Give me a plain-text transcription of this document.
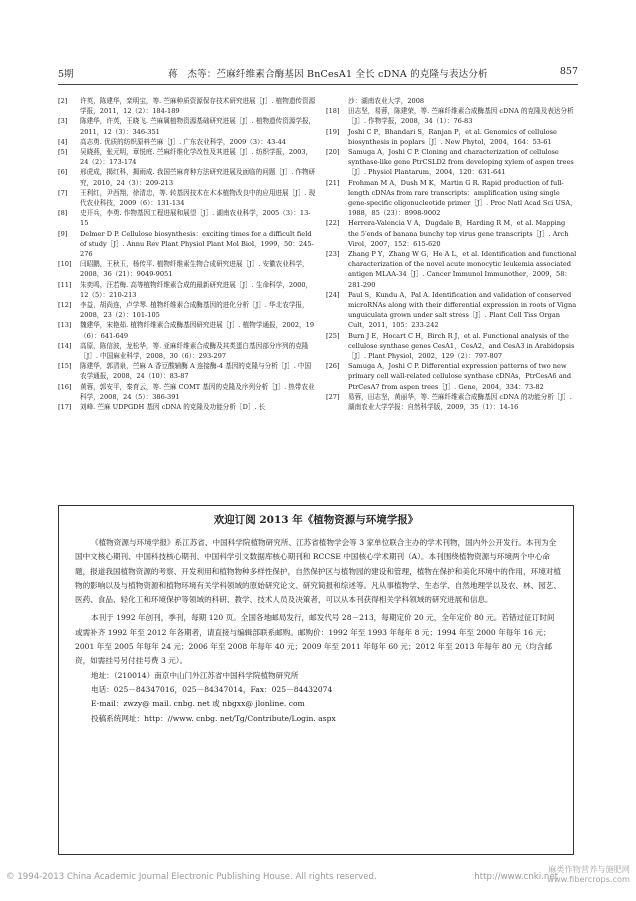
5期	蒋　杰等：苎麻纤维素合酶基因 BnCesA1 全长 cDNA 的克隆与表达分析	857
[2] 许英，陈建华，栾明宝，等. 苎麻种质资源保存技术研究进展［J］. 植物遗传资源学报，2011，12（2）：184-189
[3] 陈建华，许英，王晓飞. 苎麻属植物资源基础研究进展［J］. 植物遗传资源学报，2011，12（3）：346-351
[4] 高志勇. 优质的纺织原料苎麻［J］. 广东农业科学，2009（3）：43-44
[5] 吴晓燕，张元明，章悦庭. 苎麻纤维化学改性及其进展［J］. 纺织学报，2003，24（2）：173-174
[6] 邢虎成，揭红科，揭雨成. 我国苎麻育种方法研究进展及面临的问题［J］. 作物研究，2010，24（3）：209-213
[7] 王利红，尹西翔，徐清忠，等. 转基因技术在木本植物改良中的应用进展［J］. 现代农业科技，2009（6）：131-134
[8] 史开兵，李勇. 作物基因工程进展和展望［J］. 湖南农业科学，2005（3）：13-15
[9] Delmer D P. Cellulose biosynthesis：exciting times for a difficult field of study［J］. Annu Rev Plant Physiol Plant Mol Biol，1999，50：245-276
[10] 闫昭鹏，王秋玉，杨传平. 植物纤维素生物合成研究进展［J］. 安徽农业科学，2008，36（21）：9049-9051
[11] 朱奕鸣，汪若梅. 高等植物纤维素合成的最新研究进展［J］. 生命科学，2000，12（5）：210-213
[12] 李益，胡尚连，卢学琴. 植物纤维素合成酶基因的进化分析［J］. 华北农学报，2008，23（2）：101-105
[13] 魏建华，宋艳茹. 植物纤维素合成酶基因研究进展［J］. 植物学通报，2002，19（6）：641-649
[14] 高原，陈信波，龙松华，等. 亚麻纤维素合成酶及其类蛋白基因部分序列的克隆［J］. 中国麻业科学，2008，30（6）：293-297
[15] 陈建华，郭清泉，苎麻 A 香豆酸辅酶 A 连接酶-4 基因的克隆与分析［J］. 中国农学通报，2008，24（10）：83-87
[16] 黄蓉，郭安平，秦育云，等. 苎麻 COMT 基因的克隆及序列分析［J］. 热带农业科学，2008，24（5）：386-391
[17] 刘峰. 苎麻 UDPGDH 基因 cDNA 的克隆及功能分析［D］. 长
沙：湖南农业大学，2008
[18] 田志坚，易蓉，陈建荣，等. 苎麻纤维素合成酶基因 cDNA 的克隆及表达分析［J］. 作物学报，2008，34（1）：76-83
[19] Joshi C P，Bhandari S，Ranjan P，et al. Genomics of cellulose biosynthesis in poplars［J］. New Phytol，2004，164：53-61
[20] Samuga A，Joshi C P. Cloning and characterization of cellulose synthase-like gene PtrCSLD2 from developing xylem of aspen trees［J］. Physiol Plantarum，2004，120：631-641
[21] Frohman M A，Dush M K，Martin G R. Rapid production of full-length cDNAs from rare transcripts：amplification using single gene-specific oligonucleotide primer［J］. Proc Natl Acad Sci USA，1988，85（23）：8998-9002
[22] Herrera-Valencia V A，Dugdale B，Harding R M，et al. Mapping the 5′ends of banana bunchy top virus gene transcripts［J］. Arch Virol，2007，152：615-620
[23] Zhang P Y，Zhang W G，He A L，et al. Identification and functional characterization of the novel acute monocytic leukemia associated antigen MLAA-34［J］. Cancer Immunol Immunother，2009，58：281-290
[24] Paul S，Kundu A，Pal A. Identification and validation of conserved microRNAs along with their differential expression in roots of Vigna unguiculata grown under salt stress［J］. Plant Cell Tiss Organ Cult，2011，105：233-242
[25] Burn J E，Hocart C H，Birch R J，et al. Functional analysis of the cellulose synthase genes CesA1，CesA2，and CesA3 in Arabidopsis［J］. Plant Physiol，2002，129（2）：797-807
[26] Samuga A，Joshi C P. Differential expression patterns of two new primary cell wall-related cellulose synthase cDNAs，PtrCesA6 and PtrCesA7 from aspen trees［J］. Gene，2004，334：73-82
[27] 易蓉，田志坚，黄丽华，等. 苎麻纤维素合成酶基因 cDNA 的功能分析［J］. 湖南农业大学学报：自然科学版，2009，35（1）：14-16
欢迎订阅 2013 年《植物资源与环境学报》

《植物资源与环境学报》系江苏省、中国科学院植物研究所、江苏省植物学会等 3 家单位联合主办的学术刊物，国内外公开发行。本刊为全国中文核心期刊、中国科技核心期刊、中国科学引文数据库核心期刊和 RCCSE 中国核心学术期刊（A）。本刊围绕植物资源与环境两个中心命题，报道我国植物资源的考察、开发利用和植物物种多样性保护，自然保护区与植物园的建设和管理，植物在保护和美化环境中的作用，环境对植物的影响以及与植物资源和植物环境有关学科领域的原始研究论文、研究简报和综述等。凡从事植物学、生态学、自然地理学以及农、林、园艺、医药、食品、轻化工和环境保护等领域的科研、教学、技术人员及决策者，可以从本刊获得相关学科领域的研究进展和信息。

本刊于 1992 年创刊，季刊，每期 120 页。全国各地邮局发行，邮发代号 28－213，每期定价 20 元，全年定价 80 元。若错过征订时间或需补齐 1992 年至 2012 年各期者，请直接与编辑部联系邮购。邮购价：1992 年至 1993 年每年 8 元；1994 年至 2000 年每年 16 元；2001 年至 2005 年每年 24 元；2006 年至 2008 年每年 40 元；2009 年至 2011 年每年 60 元；2012 年至 2013 年每年 80 元（均含邮资，如需挂号另付挂号费 3 元）。

地址：（210014）南京中山门外江苏省中国科学院植物研究所
电话：025－84347016，025－84347014，Fax：025－84432074
E-mail：zwzy@ mail. cnbg. net 或 nbgxx@ jlonline. com
投稿系统网址：http：//www. cnbg. net/Tg/Contribute/Login. aspx
© 1994-2013 China Academic Journal Electronic Publishing House. All rights reserved.	http://www.cnki.net
麻类作物营养与施肥网
www.fibercrops.com
